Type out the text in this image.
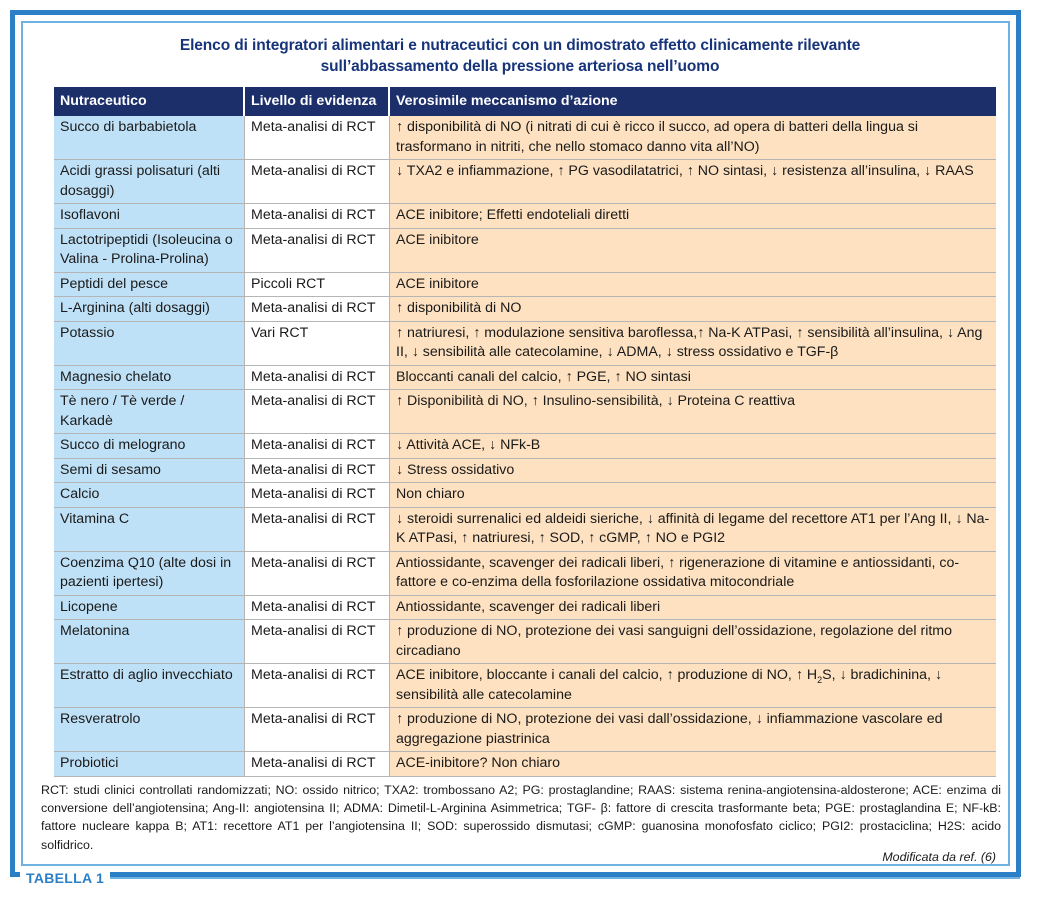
Elenco di integratori alimentari e nutraceutici con un dimostrato effetto clinicamente rilevante
sull’abbassamento della pressione arteriosa nell’uomo
Nutraceutico	Livello di evidenza	Verosimile meccanismo d’azione
Succo di barbabietola	Meta-analisi di RCT	↑ disponibilità di NO (i nitrati di cui è ricco il succo, ad opera di batteri della lingua si trasformano in nitriti, che nello stomaco danno vita all’NO)
Acidi grassi polisaturi (alti dosaggi)	Meta-analisi di RCT	↓ TXA2 e infiammazione, ↑ PG vasodilatatrici, ↑ NO sintasi, ↓ resistenza all’insulina, ↓ RAAS
Isoflavoni	Meta-analisi di RCT	ACE inibitore; Effetti endoteliali diretti
Lactotripeptidi (Isoleucina o Valina - Prolina-Prolina)	Meta-analisi di RCT	ACE inibitore
Peptidi del pesce	Piccoli RCT	ACE inibitore
L-Arginina (alti dosaggi)	Meta-analisi di RCT	↑ disponibilità di NO
Potassio	Vari RCT	↑ natriuresi, ↑ modulazione sensitiva baroflessa,↑ Na-K ATPasi, ↑ sensibilità all’insulina, ↓ Ang II, ↓ sensibilità alle catecolamine, ↓ ADMA, ↓ stress ossidativo e TGF-β
Magnesio chelato	Meta-analisi di RCT	Bloccanti canali del calcio, ↑ PGE, ↑ NO sintasi
Tè nero / Tè verde / Karkadè	Meta-analisi di RCT	↑ Disponibilità di NO, ↑ Insulino-sensibilità, ↓ Proteina C reattiva
Succo di melograno	Meta-analisi di RCT	↓ Attività ACE, ↓ NFk-B
Semi di sesamo	Meta-analisi di RCT	↓ Stress ossidativo
Calcio	Meta-analisi di RCT	Non chiaro
Vitamina C	Meta-analisi di RCT	↓ steroidi surrenalici ed aldeidi sieriche, ↓ affinità di legame del recettore AT1 per l’Ang II, ↓ Na-K ATPasi, ↑ natriuresi, ↑ SOD, ↑ cGMP, ↑ NO e PGI2
Coenzima Q10 (alte dosi in pazienti ipertesi)	Meta-analisi di RCT	Antiossidante, scavenger dei radicali liberi, ↑ rigenerazione di vitamine e antiossidanti, co-fattore e co-enzima della fosforilazione ossidativa mitocondriale
Licopene	Meta-analisi di RCT	Antiossidante, scavenger dei radicali liberi
Melatonina	Meta-analisi di RCT	↑ produzione di NO, protezione dei vasi sanguigni dell’ossidazione, regolazione del ritmo circadiano
Estratto di aglio invecchiato	Meta-analisi di RCT	ACE inibitore, bloccante i canali del calcio, ↑ produzione di NO, ↑ $H_2S$, ↓ bradichinina, ↓ sensibilità alle catecolamine
Resveratrolo	Meta-analisi di RCT	↑ produzione di NO, protezione dei vasi dall’ossidazione, ↓ infiammazione vascolare ed aggregazione piastrinica
Probiotici	Meta-analisi di RCT	ACE-inibitore? Non chiaro
RCT: studi clinici controllati randomizzati; NO: ossido nitrico; TXA2: trombossano A2; PG: prostaglandine; RAAS: sistema renina-angiotensina-aldosterone; ACE: enzima di conversione dell’angiotensina; Ang-II: angiotensina II; ADMA: Dimetil-L-Arginina Asimmetrica; TGF- β: fattore di crescita trasformante beta; PGE: prostaglandina E; NF-kB: fattore nucleare kappa B; AT1: recettore AT1 per l’angiotensina II; SOD: superossido dismutasi; cGMP: guanosina monofosfato ciclico; PGI2: prostaciclina; H2S: acido solfidrico.
Modificata da ref. (6)
TABELLA 1
